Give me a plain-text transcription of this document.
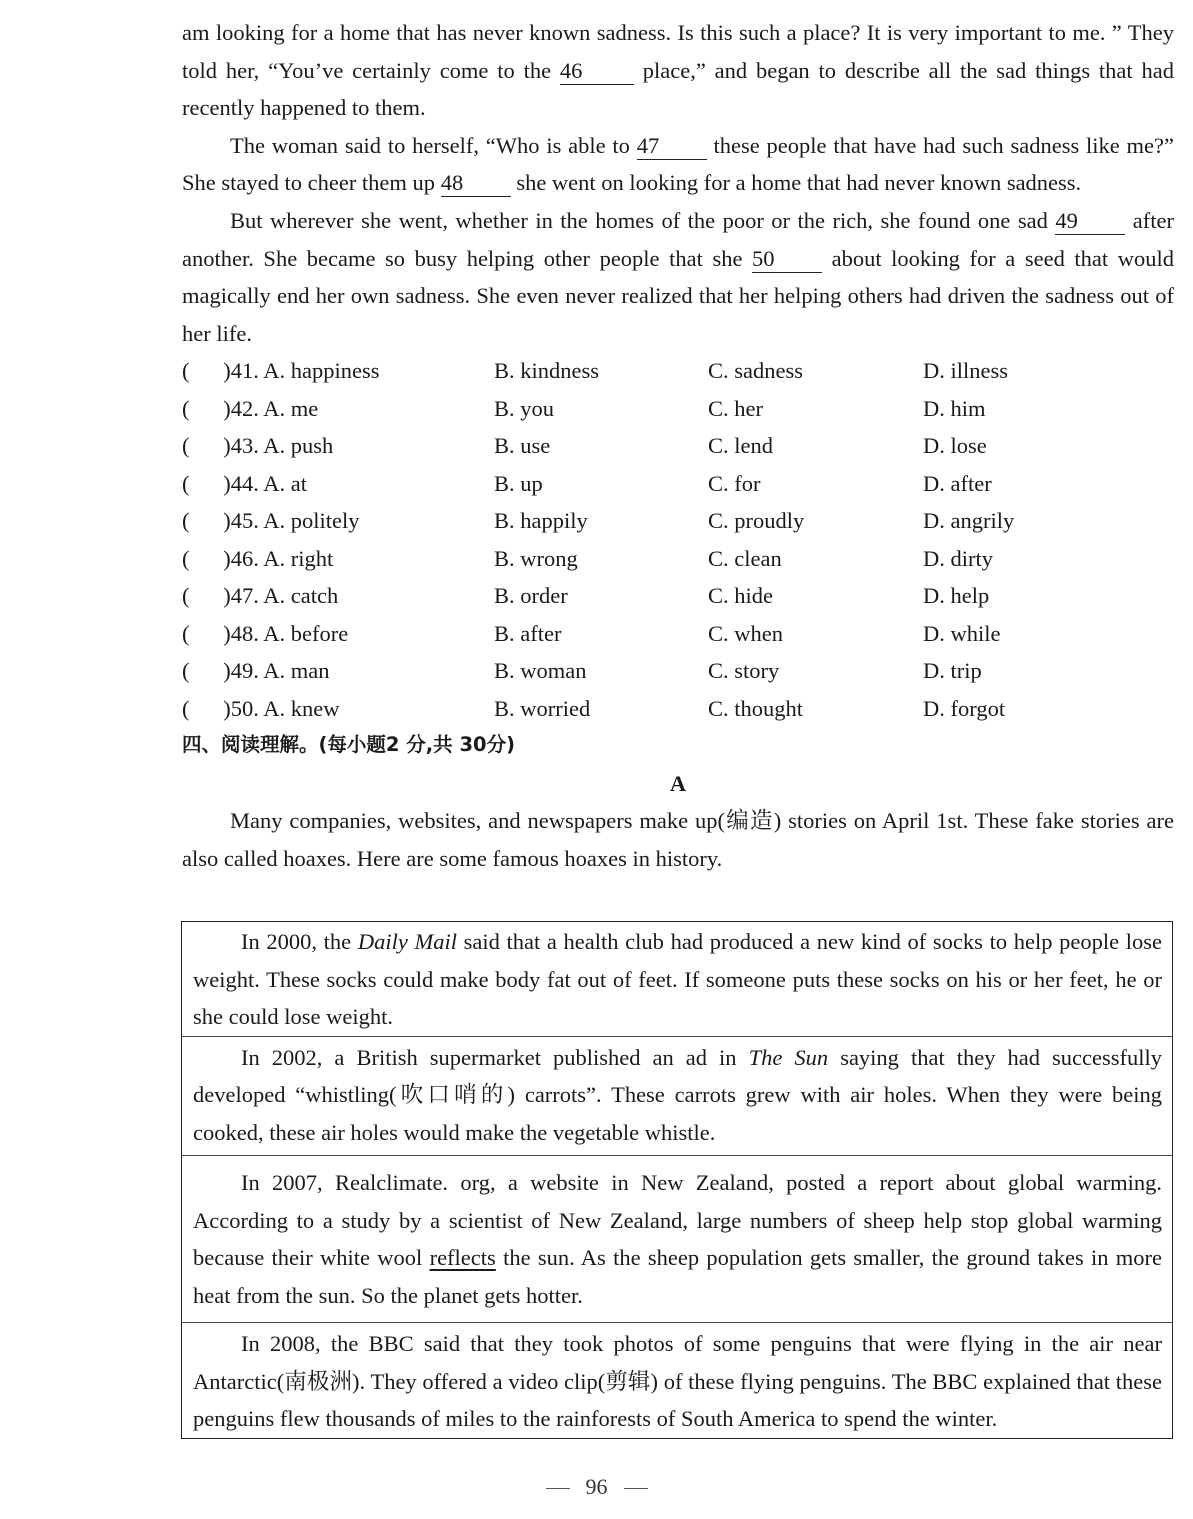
am looking for a home that has never known sadness. Is this such a place? It is very important to me. ” They told her, “You’ve certainly come to the 46 place,” and began to describe all the sad things that had recently happened to them.

The woman said to herself, “Who is able to 47 these people that have had such sadness like me?” She stayed to cheer them up 48 she went on looking for a home that had never known sadness.

But wherever she went, whether in the homes of the poor or the rich, she found one sad 49 after another. She became so busy helping other people that she 50 about looking for a seed that would magically end her own sadness. She even never realized that her helping others had driven the sadness out of her life.

(      )41. A. happiness	B. kindness	C. sadness	D. illness
(      )42. A. me	B. you	C. her	D. him
(      )43. A. push	B. use	C. lend	D. lose
(      )44. A. at	B. up	C. for	D. after
(      )45. A. politely	B. happily	C. proudly	D. angrily
(      )46. A. right	B. wrong	C. clean	D. dirty
(      )47. A. catch	B. order	C. hide	D. help
(      )48. A. before	B. after	C. when	D. while
(      )49. A. man	B. woman	C. story	D. trip
(      )50. A. knew	B. worried	C. thought	D. forgot
四、阅读理解。(每小题2 分,共 30分)
A

Many companies, websites, and newspapers make up(编造) stories on April 1st. These fake stories are also called hoaxes. Here are some famous hoaxes in history.

In 2000, the Daily Mail said that a health club had produced a new kind of socks to help people lose weight. These socks could make body fat out of feet. If someone puts these socks on his or her feet, he or she could lose weight.
In 2002, a British supermarket published an ad in The Sun saying that they had successfully developed “whistling(吹口哨的) carrots”. These carrots grew with air holes. When they were being cooked, these air holes would make the vegetable whistle.
In 2007, Realclimate. org, a website in New Zealand, posted a report about global warming. According to a study by a scientist of New Zealand, large numbers of sheep help stop global warming because their white wool reflects the sun. As the sheep population gets smaller, the ground takes in more heat from the sun. So the planet gets hotter.
In 2008, the BBC said that they took photos of some penguins that were flying in the air near Antarctic(南极洲). They offered a video clip(剪辑) of these flying penguins. The BBC explained that these penguins flew thousands of miles to the rainforests of South America to spend the winter.
96
